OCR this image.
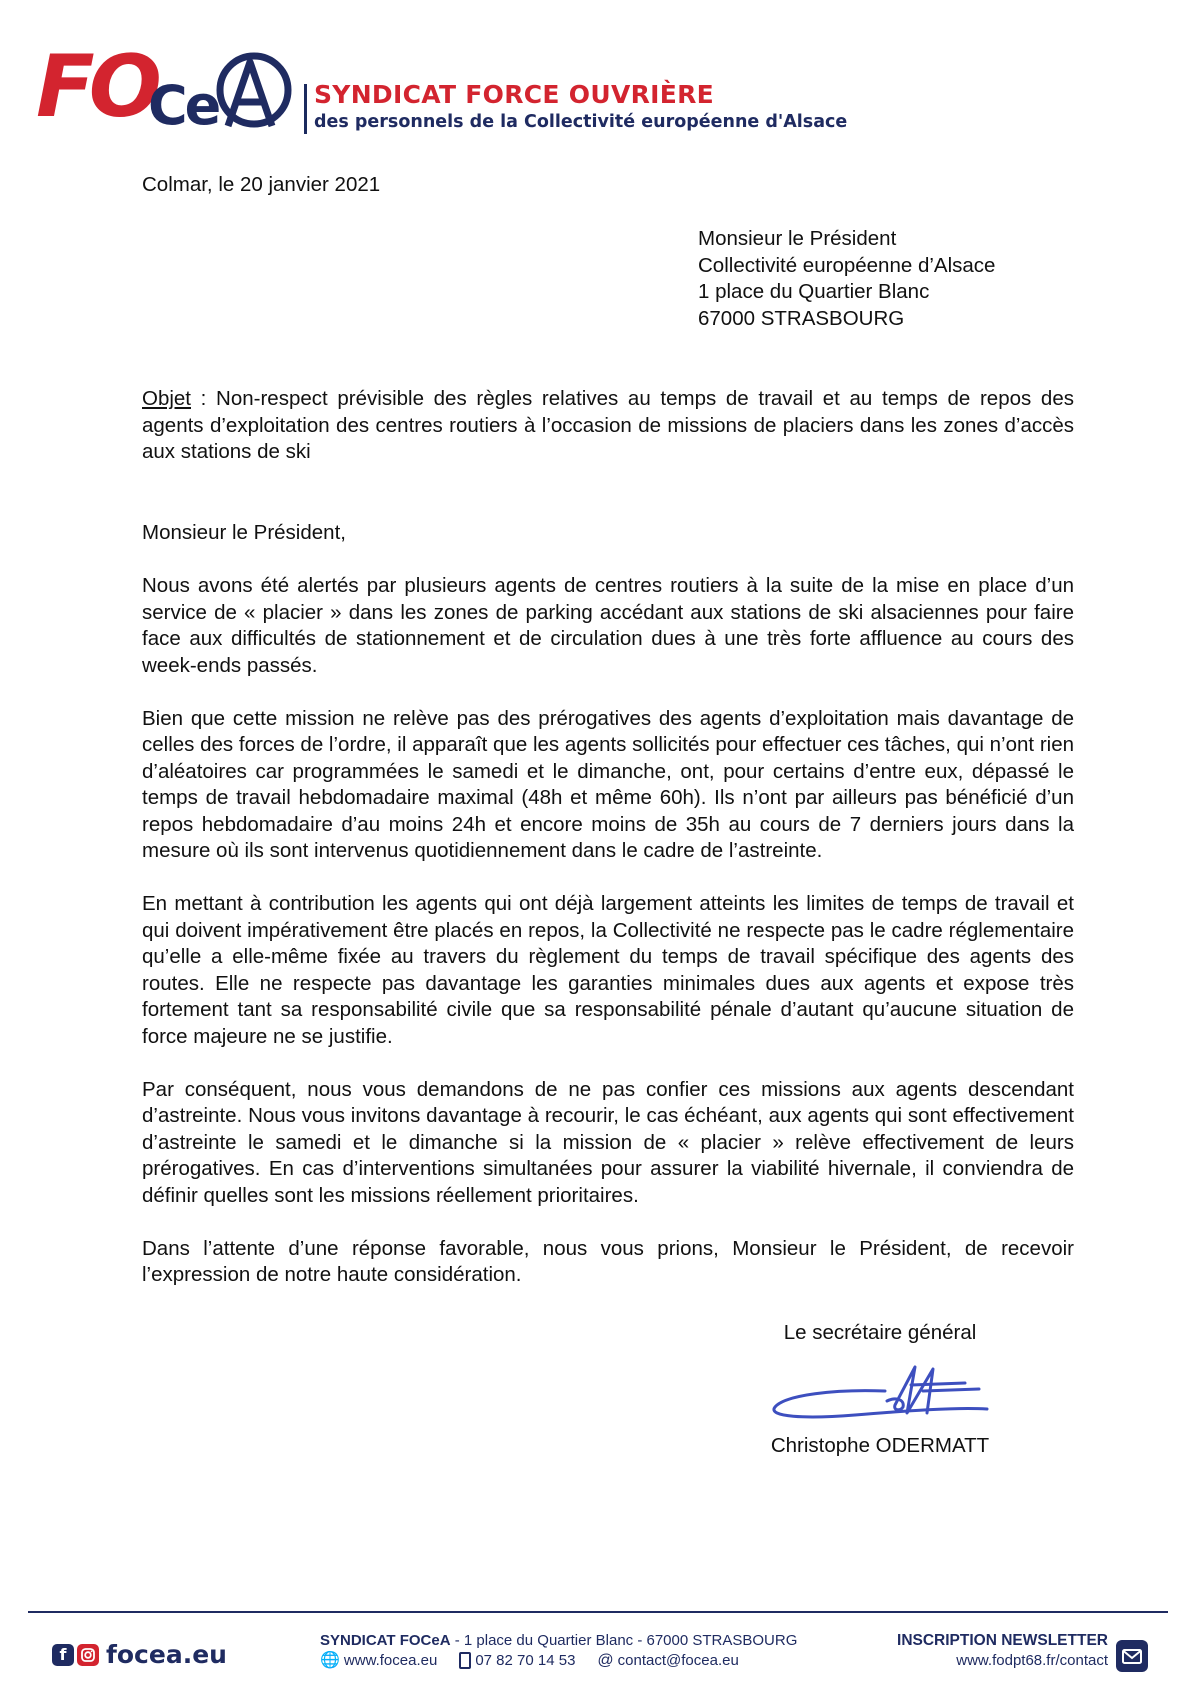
FO
Ce	SYNDICAT FORCE OUVRIÈRE
des personnels de la Collectivité européenne d'Alsace

Colmar, le 20 janvier 2021

Monsieur le Président
Collectivité européenne d’Alsace
1 place du Quartier Blanc
67000 STRASBOURG

Objet : Non-respect prévisible des règles relatives au temps de travail et au temps de repos des agents d’exploitation des centres routiers à l’occasion de missions de placiers dans les zones d’accès aux stations de ski

Monsieur le Président,

Nous avons été alertés par plusieurs agents de centres routiers à la suite de la mise en place d’un service de « placier » dans les zones de parking accédant aux stations de ski alsaciennes pour faire face aux difficultés de stationnement et de circulation dues à une très forte affluence au cours des week-ends passés.

Bien que cette mission ne relève pas des prérogatives des agents d’exploitation mais davantage de celles des forces de l’ordre, il apparaît que les agents sollicités pour effectuer ces tâches, qui n’ont rien d’aléatoires car programmées le samedi et le dimanche, ont, pour certains d’entre eux, dépassé le temps de travail hebdomadaire maximal (48h et même 60h). Ils n’ont par ailleurs pas bénéficié d’un repos hebdomadaire d’au moins 24h et encore moins de 35h au cours de 7 derniers jours dans la mesure où ils sont intervenus quotidiennement dans le cadre de l’astreinte.

En mettant à contribution les agents qui ont déjà largement atteints les limites de temps de travail et qui doivent impérativement être placés en repos, la Collectivité ne respecte pas le cadre réglementaire qu’elle a elle-même fixée au travers du règlement du temps de travail spécifique des agents des routes. Elle ne respecte pas davantage les garanties minimales dues aux agents et expose très fortement tant sa responsabilité civile que sa responsabilité pénale d’autant qu’aucune situation de force majeure ne se justifie.

Par conséquent, nous vous demandons de ne pas confier ces missions aux agents descendant d’astreinte. Nous vous invitons davantage à recourir, le cas échéant, aux agents qui sont effectivement d’astreinte le samedi et le dimanche si la mission de « placier » relève effectivement de leurs prérogatives. En cas d’interventions simultanées pour assurer la viabilité hivernale, il conviendra de définir quelles sont les missions réellement prioritaires.

Dans l’attente d’une réponse favorable, nous vous prions, Monsieur le Président, de recevoir l’expression de notre haute considération.

Le secrétaire général

Christophe ODERMATT

f	focea.eu	SYNDICAT FOCeA - 1 place du Quartier Blanc - 67000 STRASBOURG
🌐 www.focea.eu	07 82 70 14 53 @ contact@focea.eu
INSCRIPTION NEWSLETTER
www.fodpt68.fr/contact
